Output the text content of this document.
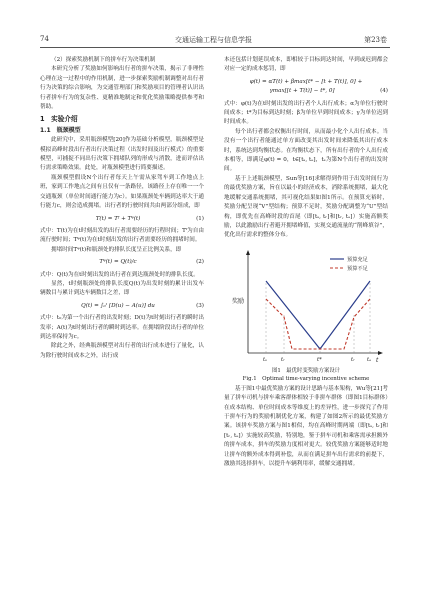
74	交通运输工程与信息学报	第23卷

（2）探索奖励机制下的拼车行为决策机制

本研究分析了奖励如何影响出行者的拼车决策，揭示了非理性心理在这一过程中的作用机制，进一步探索奖励机制调整对出行者行为决策的综合影响，为交通管理部门和奖励项目的管理者认识出行者拼车行为的复杂性、更精准地制定和优化奖励策略提供参考和帮助。

1　实验介绍
1.1　瓶颈模型

此研究中，采用瓶颈模型[20]作为基础分析模型，瓶颈模型是模拟高峰时段出行者出行决策过程（出发时间及出行模式）的重要模型，可捕捉不同出行决策下拥堵队列的形成与消散，进而评估出行需求策略效果。此处，对瓶颈模型进行简要描述。

瓶颈模型假设N个出行者每天上午需从家驾车到工作地点上班，家到工作地点之间有且仅有一条路径，该路径上存在唯一一个交通瓶颈（单位时间通行能力为c）。如果瓶颈处车辆到达率大于通行能力c，则会造成拥堵。出行者的行驶时间共由两部分组成，即

T(t) = Tᶠ + Tᵠ(t)	(1)

式中：T(t)为在t时刻出发的出行者需要经历的行程时间；Tᶠ为自由流行驶时间；Tᵠ(t)为在t时刻出发的出行者需要经历的拥堵时间。

拥堵时间Tᵠ(t)和瓶颈处的排队长度呈正比例关系，即

Tᵠ(t) = Q(t)/c	(2)

式中：Q(t)为在t时刻出发的出行者在到达瓶颈处时的排队长度。

显然，t时刻瓶颈处的排队长度Q(t)为出发时刻的累计出发车辆数目与累计到达车辆数目之差，即

Q(t) = ∫₀ᵗ [D(u) − A(u)] du	(3)

式中：t₀为第一个出行者的出发时刻；D(t)为t时刻出行者的瞬时出发率；A(t)为t时刻出行者的瞬时到达率。在拥堵阶段出行者的单位到达率保持为c。

除此之外，经典瓶颈模型对出行者的出行成本进行了量化，认为除行驶时间成本之外，出行成

本还包括计划延误成本，即相较于目标到达时间，早到或迟到都会对应一定的成本惩罚，即

φ(t) = αT(t) + βmax[t* − [t + T(t)], 0] +
γmax[[t + T(t)] − t*, 0]	(4)

式中：φ(t)为在t时刻出发的出行者个人出行成本；α为单位行驶时间成本；t*为目标到达时刻；β为单位早到时间成本；γ为单位迟到时间成本。

每个出行者都会权衡出行时间，从而最小化个人出行成本。当没有一个出行者能通过单方面改变其出发时间来降低其出行成本时，系统达到均衡状态。在均衡状态下，所有出行者的个人出行成本相等，即满足φ(t) = 0，t∈[tₛ, tₑ]，tₛ为第N个出行者的出发时间。

基于上述瓶颈模型，Sun等[16]求解得到作用于出发时间行为的最优奖励方案，旨在以最小的经济成本，消除系统拥堵，最大化地缓解交通系统拥堵，其可视化结果如图1所示。在预算充裕时，奖励分配呈现“V”型结构；预算不足时，奖励分配调整为“U”型结构，即优先在高峰时段的首尾（即[tₛ, tᵣ]和[tᵣ, tₑ]）实施高额奖励，以此激励出行者避开拥堵峰值，实现交通流量的“削峰填谷”，优化出行需求的整体分布。

奖励
t
预算充足
预算不足
tₛ	tᵣ	t*	tᵣ tₑ
图1　最优时变奖励方案设计
Fig.1　Optimal time-varying incentive scheme

基于图1中最优奖励方案的设计思路与基本架构，Wu等[21]考量了拼车司机与拼车乘客群体相较于非拼车群体（即图1目标群体）在成本结构、单位时间成本等维度上的差异性，进一步探究了作用于拼车行为的奖励机制优化方案，构建了如图2所示的最优奖励方案。该拼车奖励方案与图1相似，均在高峰时期两端（即[tₛ, tᵣ]和[tᵣ, tₑ]）实施较高奖励，特别地，鉴于拼车司机和乘客需承担额外的拼车成本，拼车的奖励力度相对更大。较优奖励方案能够适时地让拼车的额外成本得到补偿，从而在满足拼车出行需求的前提下，激励其选择拼车，以提升车辆利用率，缓解交通拥堵。
